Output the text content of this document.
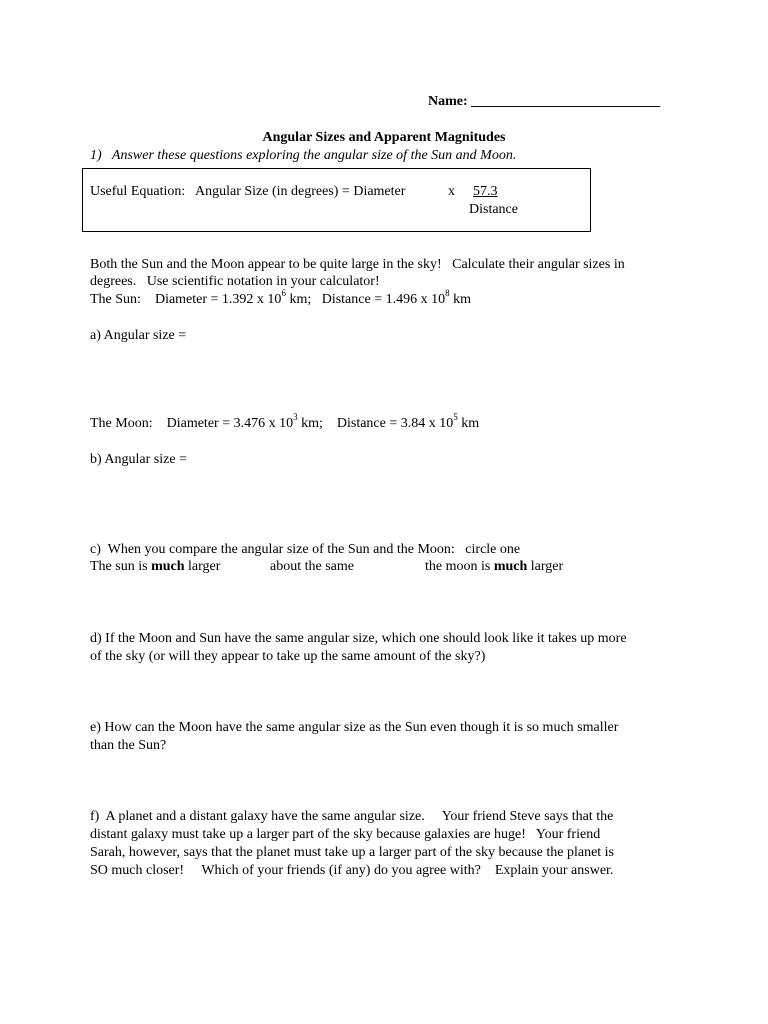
Name: ___________________________
Angular Sizes and Apparent Magnitudes
1) Answer these questions exploring the angular size of the Sun and Moon.
Useful Equation:   Angular Size (in degrees) = Diameter	x 57.3
Distance
Both the Sun and the Moon appear to be quite large in the sky!   Calculate their angular sizes in
degrees.   Use scientific notation in your calculator!
The Sun: Diameter = 1.392 x $10^6$ km; Distance = 1.496 x $10^8$ km
a) Angular size =
The Moon: Diameter = 3.476 x $10^3$ km; Distance = 3.84 x $10^5$ km
b) Angular size =
c)  When you compare the angular size of the Sun and the Moon:   circle one
The sun is much larger	about the same	the moon is much larger
d) If the Moon and Sun have the same angular size, which one should look like it takes up more
of the sky (or will they appear to take up the same amount of the sky?)
e) How can the Moon have the same angular size as the Sun even though it is so much smaller
than the Sun?
f)  A planet and a distant galaxy have the same angular size.     Your friend Steve says that the
distant galaxy must take up a larger part of the sky because galaxies are huge!   Your friend
Sarah, however, says that the planet must take up a larger part of the sky because the planet is
SO much closer!     Which of your friends (if any) do you agree with?    Explain your answer.
